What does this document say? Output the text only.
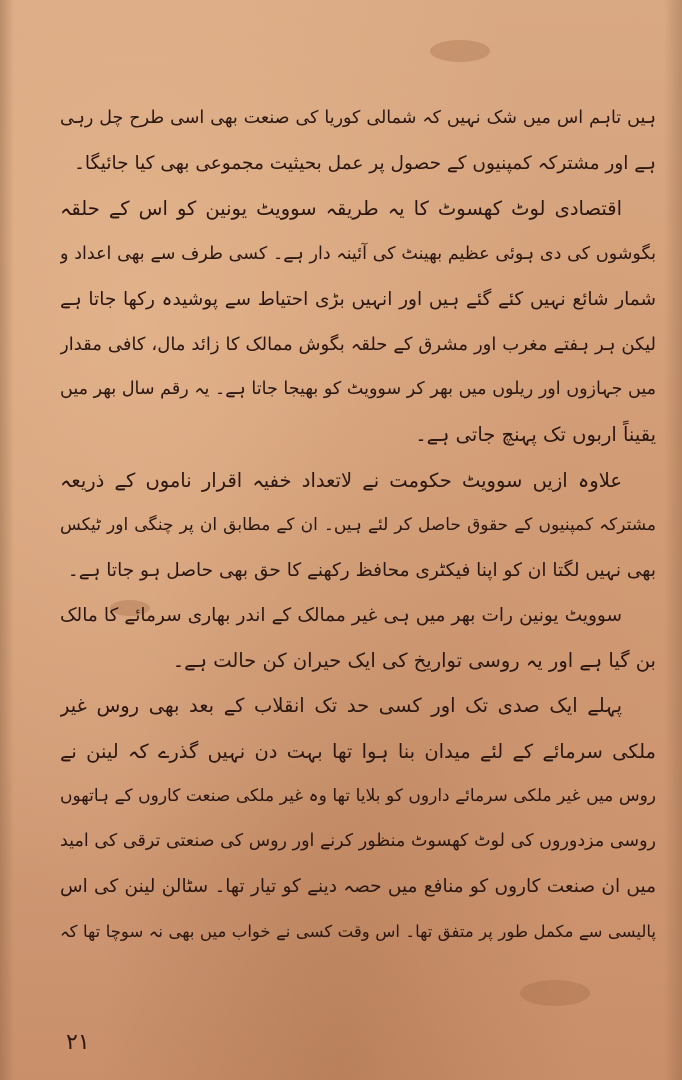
ہیں تاہم اس میں شک نہیں کہ شمالی کوریا کی صنعت بھی اسی طرح چل رہی
ہے اور مشترکہ کمپنیوں کے حصول پر عمل بحیثیت مجموعی بھی کیا جائیگا۔
اقتصادی لوٹ کھسوٹ کا یہ طریقہ سوویٹ یونین کو اس کے حلقہ
بگوشوں کی دی ہوئی عظیم بھینٹ کی آئینہ دار ہے۔ کسی طرف سے بھی اعداد و
شمار شائع نہیں کئے گئے ہیں اور انہیں بڑی احتیاط سے پوشیدہ رکھا جاتا ہے
لیکن ہر ہفتے مغرب اور مشرق کے حلقہ بگوش ممالک کا زائد مال، کافی مقدار
میں جہازوں اور ریلوں میں بھر کر سوویٹ کو بھیجا جاتا ہے۔ یہ رقم سال بھر میں
یقیناً اربوں تک پہنچ جاتی ہے۔
علاوہ ازیں سوویٹ حکومت نے لاتعداد خفیہ اقرار ناموں کے ذریعہ
مشترکہ کمپنیوں کے حقوق حاصل کر لئے ہیں۔ ان کے مطابق ان پر چنگی اور ٹیکس
بھی نہیں لگتا ان کو اپنا فیکٹری محافظ رکھنے کا حق بھی حاصل ہو جاتا ہے۔
سوویٹ یونین رات بھر میں ہی غیر ممالک کے اندر بھاری سرمائے کا مالک
بن گیا ہے اور یہ روسی تواریخ کی ایک حیران کن حالت ہے۔
پہلے ایک صدی تک اور کسی حد تک انقلاب کے بعد بھی روس غیر
ملکی سرمائے کے لئے میدان بنا ہوا تھا بہت دن نہیں گذرے کہ لینن نے
روس میں غیر ملکی سرمائے داروں کو بلایا تھا وہ غیر ملکی صنعت کاروں کے ہاتھوں
روسی مزدوروں کی لوٹ کھسوٹ منظور کرنے اور روس کی صنعتی ترقی کی امید
میں ان صنعت کاروں کو منافع میں حصہ دینے کو تیار تھا۔ سٹالن لینن کی اس
پالیسی سے مکمل طور پر متفق تھا۔ اس وقت کسی نے خواب میں بھی نہ سوچا تھا کہ
۲۱
